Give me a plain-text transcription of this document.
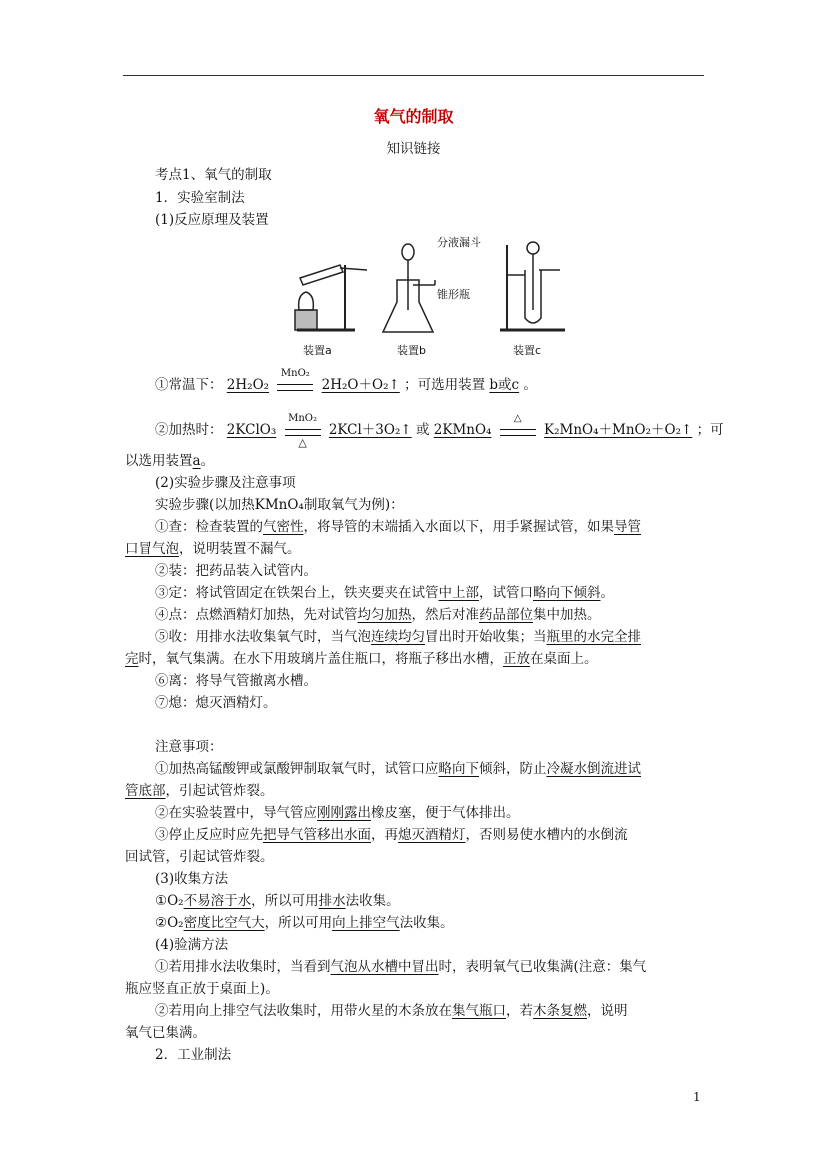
氧气的制取
知识链接
考点1、氧气的制取
1．实验室制法
(1)反应原理及装置
分液漏斗
锥形瓶
装置a	装置b	装置c
①常温下： 2H₂O₂
MnO₂
2H₂O＋O₂↑ ；可选用装置 b或c 。
②加热时： 2KClO₃
MnO₂
△
2KCl＋3O₂↑ 或 2KMnO₄
△
K₂MnO₄＋MnO₂＋O₂↑ ；可
以选用装置a。
(2)实验步骤及注意事项
实验步骤(以加热KMnO₄制取氧气为例)：
①查：检查装置的气密性，将导管的末端插入水面以下，用手紧握试管，如果导管
口冒气泡，说明装置不漏气。
②装：把药品装入试管内。
③定：将试管固定在铁架台上，铁夹要夹在试管中上部，试管口略向下倾斜。
④点：点燃酒精灯加热，先对试管均匀加热，然后对准药品部位集中加热。
⑤收：用排水法收集氧气时，当气泡连续均匀冒出时开始收集；当瓶里的水完全排
完时，氧气集满。在水下用玻璃片盖住瓶口，将瓶子移出水槽，正放在桌面上。
⑥离：将导气管撤离水槽。
⑦熄：熄灭酒精灯。
注意事项：
①加热高锰酸钾或氯酸钾制取氧气时，试管口应略向下倾斜，防止冷凝水倒流进试
管底部，引起试管炸裂。
②在实验装置中，导气管应刚刚露出橡皮塞，便于气体排出。
③停止反应时应先把导气管移出水面，再熄灭酒精灯，否则易使水槽内的水倒流
回试管，引起试管炸裂。
(3)收集方法
①O₂不易溶于水，所以可用排水法收集。
②O₂密度比空气大，所以可用向上排空气法收集。
(4)验满方法
①若用排水法收集时，当看到气泡从水槽中冒出时，表明氧气已收集满(注意：集气
瓶应竖直正放于桌面上)。
②若用向上排空气法收集时，用带火星的木条放在集气瓶口，若木条复燃，说明
氧气已集满。
2．工业制法
1
